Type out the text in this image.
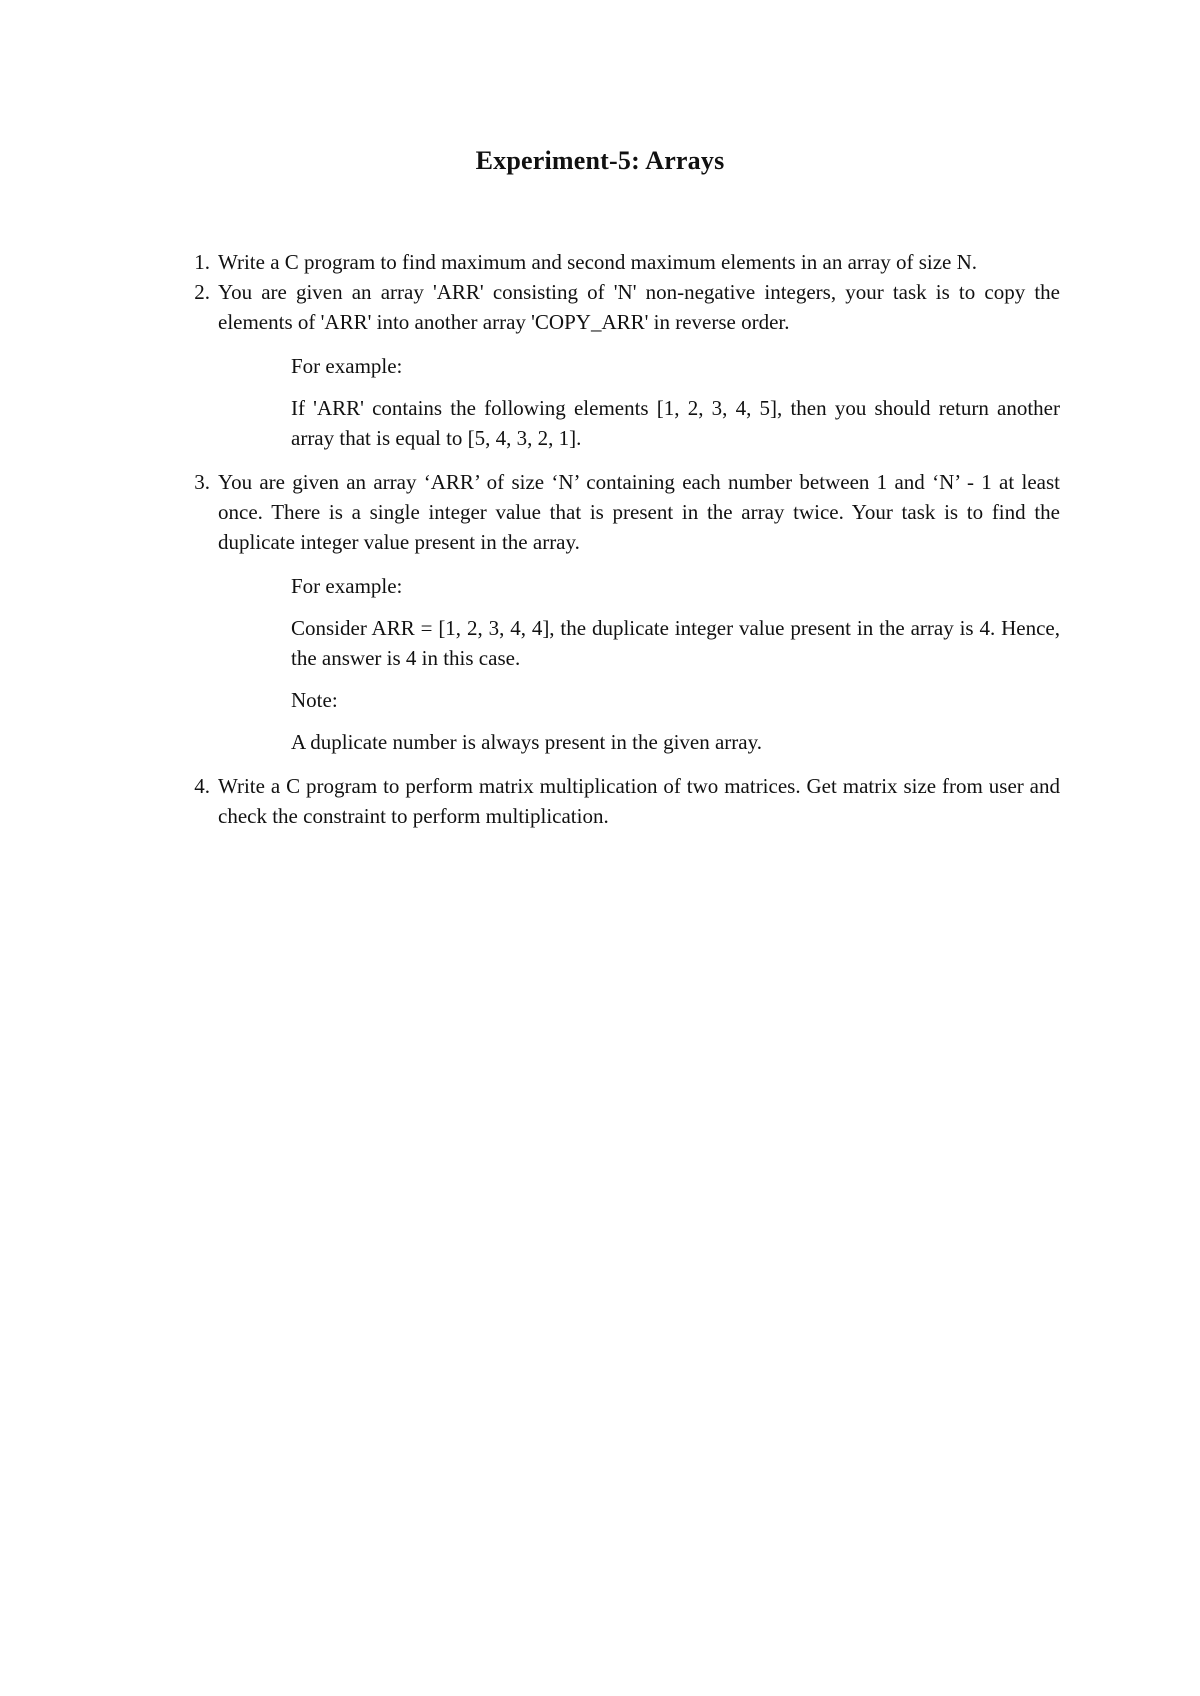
Experiment-5: Arrays
1. Write a C program to find maximum and second maximum elements in an array of size N.
2. You are given an array 'ARR' consisting of 'N' non-negative integers, your task is to copy the elements of 'ARR' into another array 'COPY_ARR' in reverse order.
For example:
If 'ARR' contains the following elements [1, 2, 3, 4, 5], then you should return another array that is equal to [5, 4, 3, 2, 1].
3. You are given an array ‘ARR’ of size ‘N’ containing each number between 1 and ‘N’ - 1 at least once. There is a single integer value that is present in the array twice. Your task is to find the duplicate integer value present in the array.
For example:
Consider ARR = [1, 2, 3, 4, 4], the duplicate integer value present in the array is 4. Hence, the answer is 4 in this case.
Note:
A duplicate number is always present in the given array.
4. Write a C program to perform matrix multiplication of two matrices. Get matrix size from user and check the constraint to perform multiplication.
